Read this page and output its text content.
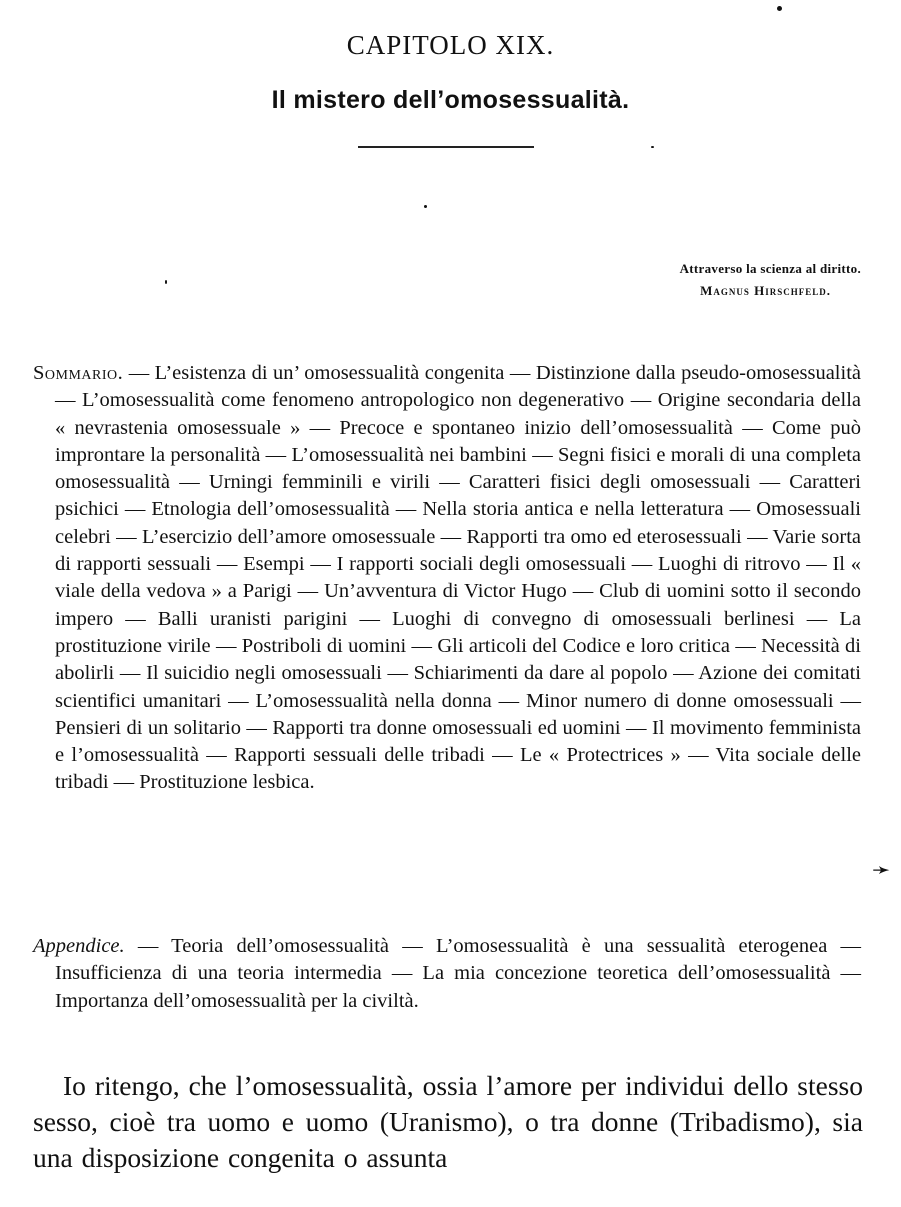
CAPITOLO XIX.
Il mistero dell’omosessualità.
Attraverso la scienza al diritto.
Magnus Hirschfeld.

Sommario. — L’esistenza di un’ omosessualità congenita — Distinzione dalla pseudo-omosessualità — L’omosessualità come fenomeno antropologico non degenerativo — Origine secondaria della « nevrastenia omosessuale » — Precoce e spontaneo inizio dell’omosessualità — Come può improntare la personalità — L’omosessualità nei bambini — Segni fisici e morali di una completa omosessualità — Urningi femminili e virili — Caratteri fisici degli omosessuali — Caratteri psichici — Etnologia dell’omosessualità — Nella storia antica e nella letteratura — Omosessuali celebri — L’esercizio dell’amore omosessuale — Rapporti tra omo ed eterosessuali — Varie sorta di rapporti sessuali — Esempi — I rapporti sociali degli omosessuali — Luoghi di ritrovo — Il « viale della vedova » a Parigi — Un’avventura di Victor Hugo — Club di uomini sotto il secondo impero — Balli uranisti parigini — Luoghi di convegno di omosessuali berlinesi — La prostituzione virile — Postriboli di uomini — Gli articoli del Codice e loro critica — Necessità di abolirli — Il suicidio negli omosessuali — Schiarimenti da dare al popolo — Azione dei comitati scientifici umanitari — L’omosessualità nella donna — Minor numero di donne omosessuali — Pensieri di un solitario — Rapporti tra donne omosessuali ed uomini — Il movimento femminista e l’omosessualità — Rapporti sessuali delle tribadi — Le « Protectrices » — Vita sociale delle tribadi — Prostituzione lesbica.

➛

Appendice. — Teoria dell’omosessualità — L’omosessualità è una sessualità eterogenea — Insufficienza di una teoria intermedia — La mia concezione teoretica dell’omosessualità — Importanza dell’omosessualità per la civiltà.

Io ritengo, che l’omosessualità, ossia l’amore per individui dello stesso sesso, cioè tra uomo e uomo (Uranismo), o tra donne (Tribadismo), sia una disposizione congenita o assunta
